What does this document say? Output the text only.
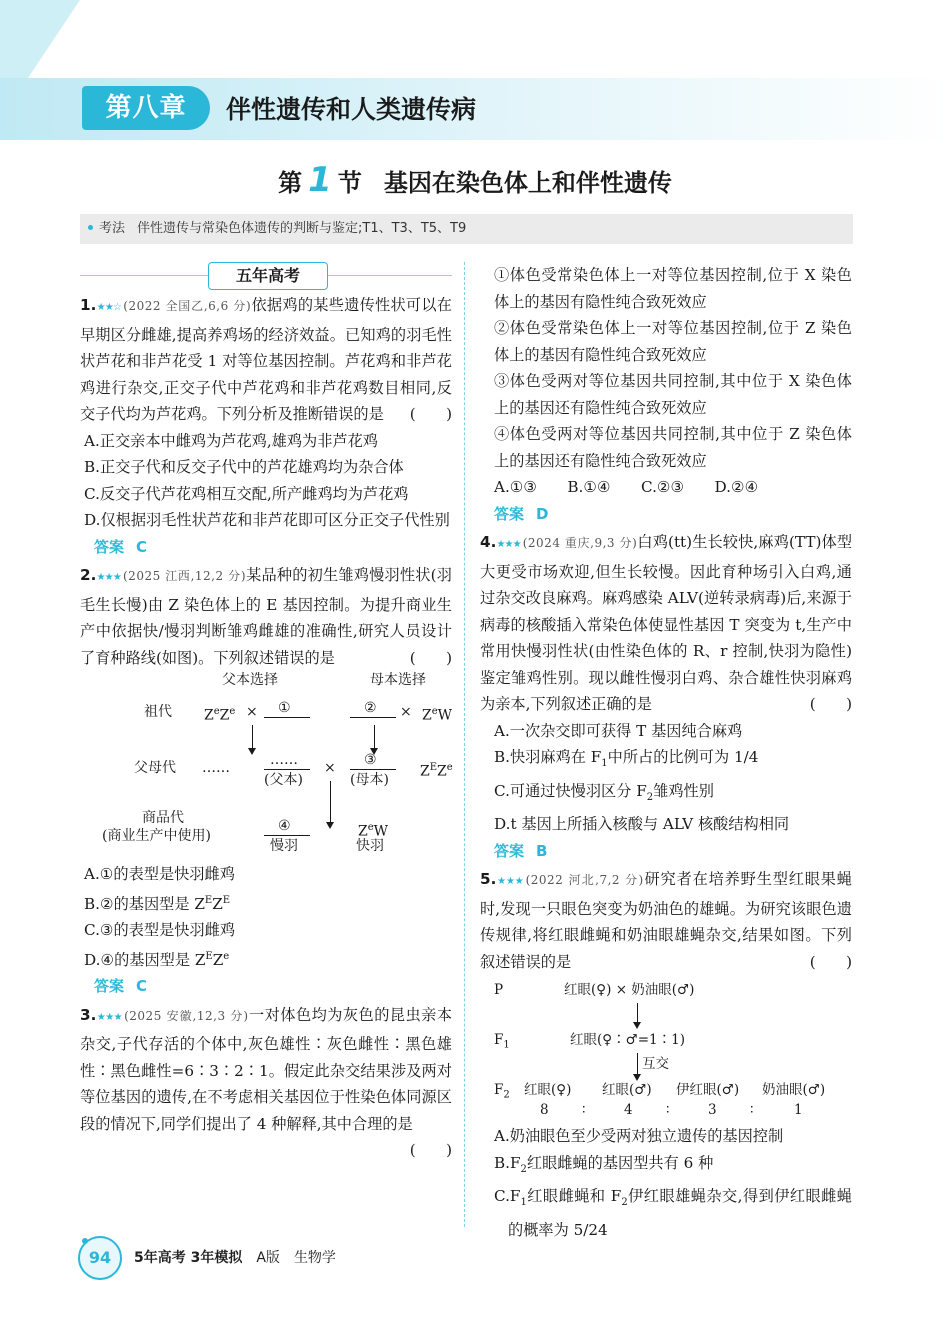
第八章	伴性遗传和人类遗传病
第 1 节 基因在染色体上和伴性遗传
考法 伴性遗传与常染色体遗传的判断与鉴定;T1、T3、T5、T9
五年高考

1.★★☆ (2022 全国乙,6,6 分)依据鸡的某些遗传性状可以在早期区分雌雄,提高养鸡场的经济效益。已知鸡的羽毛性状芦花和非芦花受 1 对等位基因控制。芦花鸡和非芦花鸡进行杂交,正交子代中芦花鸡和非芦花鸡数目相同,反交子代均为芦花鸡。下列分析及推断错误的是　 (　　)

A.正交亲本中雌鸡为芦花鸡,雄鸡为非芦花鸡

B.正交子代和反交子代中的芦花雄鸡均为杂合体

C.反交子代芦花鸡相互交配,所产雌鸡均为芦花鸡

D.仅根据羽毛性状芦花和非芦花即可区分正交子代性别

答案 C

2.★★★ (2025 江西,12,2 分)某品种的初生雏鸡慢羽性状(羽毛生长慢)由 Z 染色体上的 E 基因控制。为提升商业生产中依据快/慢羽判断雏鸡雌雄的准确性,研究人员设计了育种路线(如图)。下列叙述错误的是　	(　　)

父本选择	母本选择
祖代 $Z^eZ^e$ × ①	② × $Z^eW$
父母代 ……	……
(父本)
× ③
(母本)
$Z^EZ^e$
商品代
(商业生产中使用)
④
慢羽
$Z^eW$
快羽

A.①的表型是快羽雌鸡

B.②的基因型是 $Z^EZ^E$

C.③的表型是快羽雌鸡

D.④的基因型是 $Z^EZ^e$

答案 C

3.★★★ (2025 安徽,12,3 分)一对体色均为灰色的昆虫亲本杂交,子代存活的个体中,灰色雄性∶灰色雌性∶黑色雄性∶黑色雌性=6∶3∶2∶1。假定此杂交结果涉及两对等位基因的遗传,在不考虑相关基因位于性染色体同源区段的情况下,同学们提出了 4 种解释,其中合理的是　
(　　)

①体色受常染色体上一对等位基因控制,位于 X 染色体上的基因有隐性纯合致死效应

②体色受常染色体上一对等位基因控制,位于 Z 染色体上的基因有隐性纯合致死效应

③体色受两对等位基因共同控制,其中位于 X 染色体上的基因还有隐性纯合致死效应

④体色受两对等位基因共同控制,其中位于 Z 染色体上的基因还有隐性纯合致死效应

A.①③　　B.①④　　C.②③　　D.②④

答案 D

4.★★★ (2024 重庆,9,3 分)白鸡(tt)生长较快,麻鸡(TT)体型大更受市场欢迎,但生长较慢。因此育种场引入白鸡,通过杂交改良麻鸡。麻鸡感染 ALV(逆转录病毒)后,来源于病毒的核酸插入常染色体使显性基因 T 突变为 t,生产中常用快慢羽性状(由性染色体的 R、r 控制,快羽为隐性)鉴定雏鸡性别。现以雌性慢羽白鸡、杂合雄性快羽麻鸡为亲本,下列叙述正确的是　	(　　)

A.一次杂交即可获得 T 基因纯合麻鸡

B.快羽麻鸡在 $F_1$中所占的比例可为 1/4

C.可通过快慢羽区分 $F_2$雏鸡性别

D.t 基因上所插入核酸与 ALV 核酸结构相同

答案 B

5.★★★ (2022 河北,7,2 分)研究者在培养野生型红眼果蝇时,发现一只眼色突变为奶油色的雄蝇。为研究该眼色遗传规律,将红眼雌蝇和奶油眼雄蝇杂交,结果如图。下列叙述错误的是　	(　　)

P	红眼(♀) × 奶油眼(♂)
$F_1$	红眼(♀∶♂=1∶1)
互交
$F_2$ 红眼(♀) 红眼(♂) 伊红眼(♂) 奶油眼(♂)
8 ∶	4 ∶	3 ∶	1

A.奶油眼色至少受两对独立遗传的基因控制

$B.F_2$红眼雌蝇的基因型共有 6 种

$C.F_1$红眼雌蝇和 $F_2$伊红眼雄蝇杂交,得到伊红眼雌蝇的概率为 5/24

94	5年高考 3年模拟 A版 生物学
